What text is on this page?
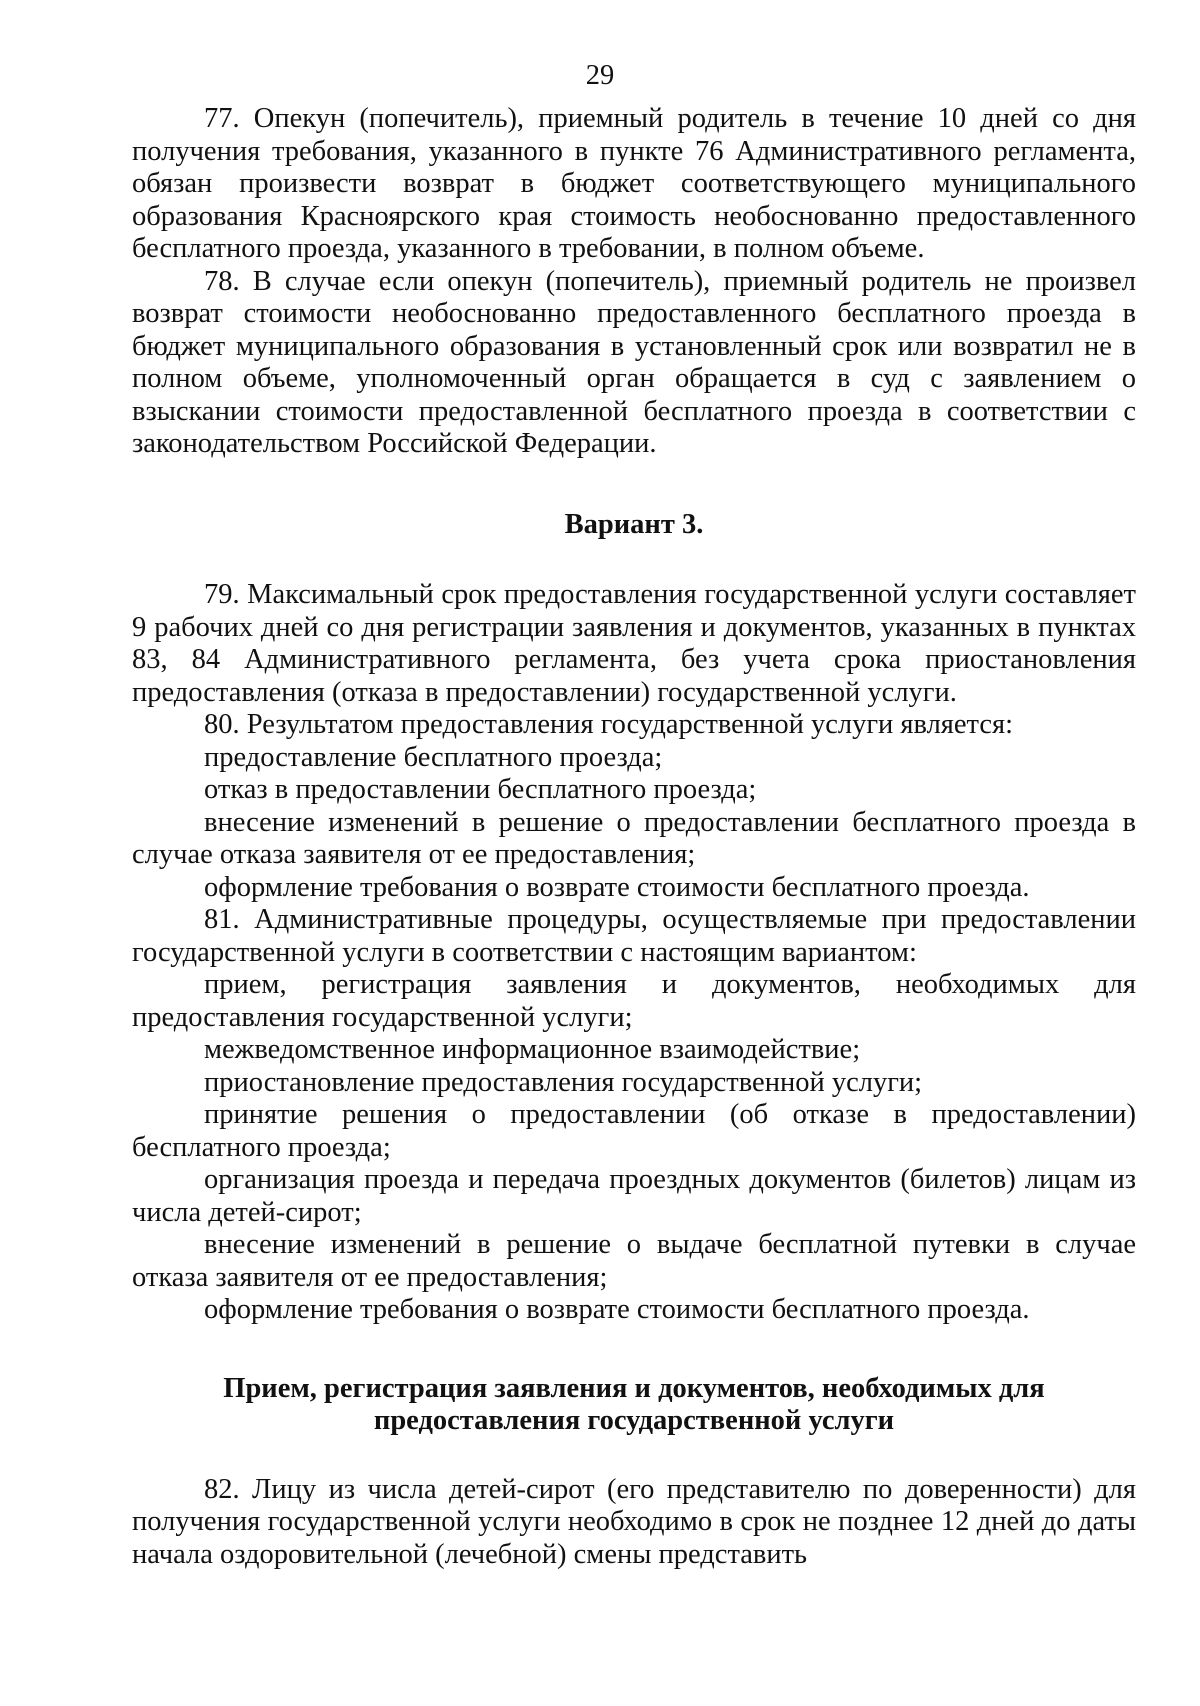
29

77. Опекун (попечитель), приемный родитель в течение 10 дней со дня получения требования, указанного в пункте 76 Административного регламента, обязан произвести возврат в бюджет соответствующего муниципального образования Красноярского края стоимость необоснованно предоставленного бесплатного проезда, указанного в требовании, в полном объеме.

78. В случае если опекун (попечитель), приемный родитель не произвел возврат стоимости необоснованно предоставленного бесплатного проезда в бюджет муниципального образования в установленный срок или возвратил не в полном объеме, уполномоченный орган обращается в суд с заявлением о взыскании стоимости предоставленной бесплатного проезда в соответствии с законодательством Российской Федерации.

Вариант 3.

79. Максимальный срок предоставления государственной услуги составляет 9 рабочих дней со дня регистрации заявления и документов, указанных в пунктах 83, 84 Административного регламента, без учета срока приостановления предоставления (отказа в предоставлении) государственной услуги.

80. Результатом предоставления государственной услуги является:

предоставление бесплатного проезда;

отказ в предоставлении бесплатного проезда;

внесение изменений в решение о предоставлении бесплатного проезда в случае отказа заявителя от ее предоставления;

оформление требования о возврате стоимости бесплатного проезда.

81. Административные процедуры, осуществляемые при предоставлении государственной услуги в соответствии с настоящим вариантом:

прием, регистрация заявления и документов, необходимых для предоставления государственной услуги;

межведомственное информационное взаимодействие;

приостановление предоставления государственной услуги;

принятие решения о предоставлении (об отказе в предоставлении) бесплатного проезда;

организация проезда и передача проездных документов (билетов) лицам из числа детей-сирот;

внесение изменений в решение о выдаче бесплатной путевки в случае отказа заявителя от ее предоставления;

оформление требования о возврате стоимости бесплатного проезда.

Прием, регистрация заявления и документов, необходимых для предоставления государственной услуги

82. Лицу из числа детей-сирот (его представителю по доверенности) для получения государственной услуги необходимо в срок не позднее 12 дней до даты начала оздоровительной (лечебной) смены представить
